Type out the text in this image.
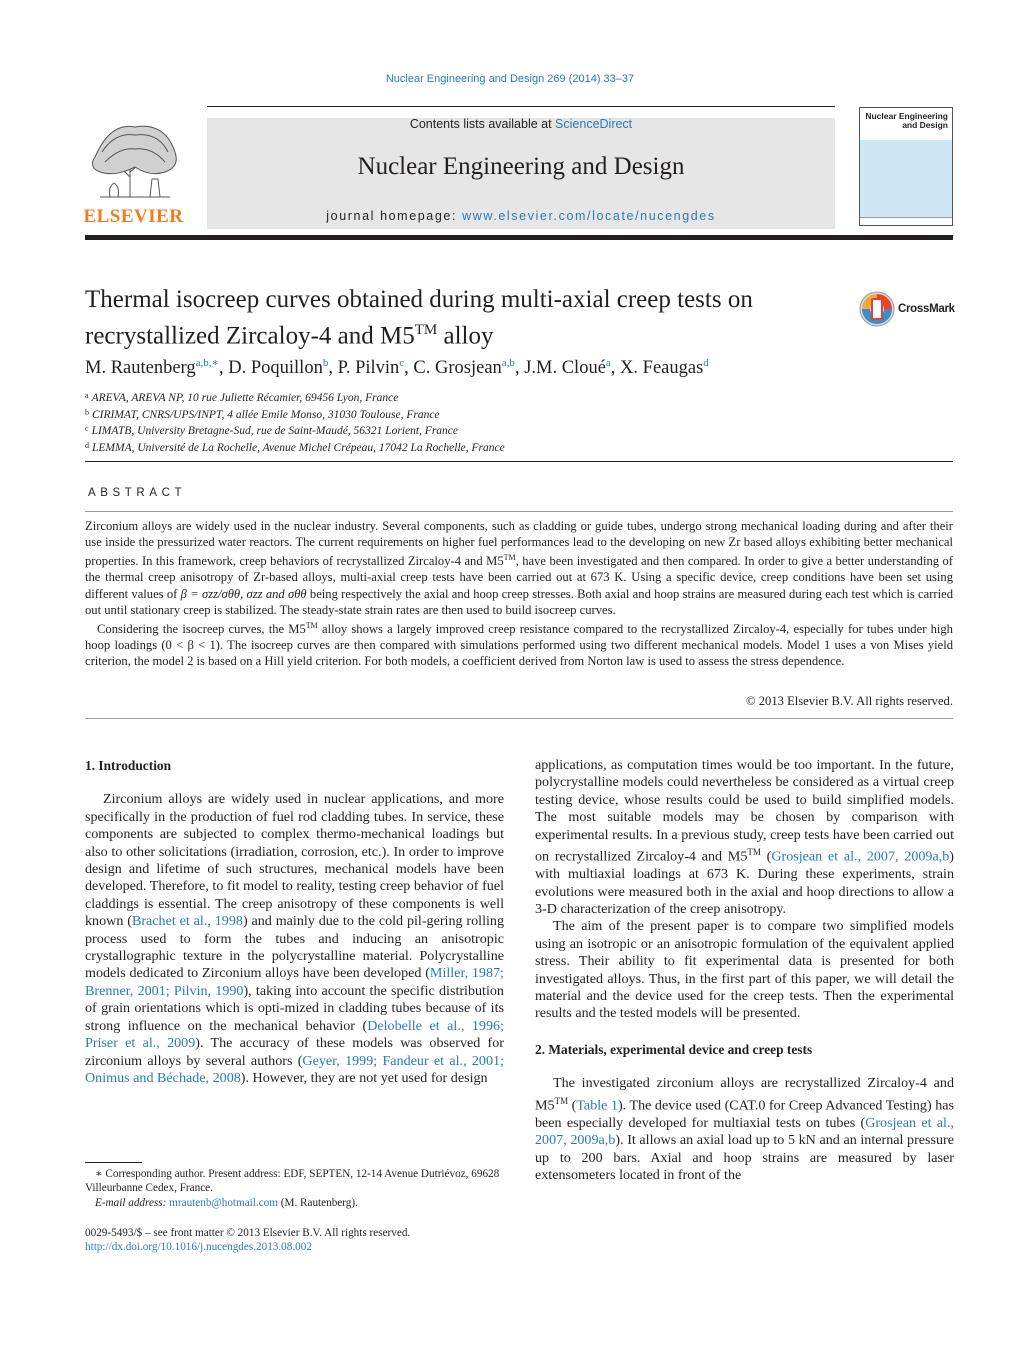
Nuclear Engineering and Design 269 (2014) 33–37
ELSEVIER
Contents lists available at ScienceDirect
Nuclear Engineering and Design
journal homepage: www.elsevier.com/locate/nucengdes
Nuclear Engineering
and Design
Thermal isocreep curves obtained during multi-axial creep tests on recrystallized Zircaloy-4 and M5™ alloy
CrossMark
M. Rautenberg$^{a,b,∗}$, D. Poquillon$^b$, P. Pilvin$^c$, C. Grosjean$^{a,b}$, J.M. Cloué$^a$, X. Feaugas$^d$
$^a$ AREVA, AREVA NP, 10 rue Juliette Récamier, 69456 Lyon, France
$^b$ CIRIMAT, CNRS/UPS/INPT, 4 allée Emile Monso, 31030 Toulouse, France
$^c$ LIMATB, University Bretagne-Sud, rue de Saint-Maudé, 56321 Lorient, France
$^d$ LEMMA, Université de La Rochelle, Avenue Michel Crépeau, 17042 La Rochelle, France
ABSTRACT

Zirconium alloys are widely used in the nuclear industry. Several components, such as cladding or guide tubes, undergo strong mechanical loading during and after their use inside the pressurized water reactors. The current requirements on higher fuel performances lead to the developing on new Zr based alloys exhibiting better mechanical properties. In this framework, creep behaviors of recrystallized Zircaloy-4 and M5™, have been investigated and then compared. In order to give a better understanding of the thermal creep anisotropy of Zr-based alloys, multi-axial creep tests have been carried out at 673 K. Using a specific device, creep conditions have been set using different values of β = σzz/σθθ, σzz and σθθ being respectively the axial and hoop creep stresses. Both axial and hoop strains are measured during each test which is carried out until stationary creep is stabilized. The steady-state strain rates are then used to build isocreep curves.

Considering the isocreep curves, the M5™ alloy shows a largely improved creep resistance compared to the recrystallized Zircaloy-4, especially for tubes under high hoop loadings (0 < β < 1). The isocreep curves are then compared with simulations performed using two different mechanical models. Model 1 uses a von Mises yield criterion, the model 2 is based on a Hill yield criterion. For both models, a coefficient derived from Norton law is used to assess the stress dependence.

© 2013 Elsevier B.V. All rights reserved.
1. Introduction

Zirconium alloys are widely used in nuclear applications, and more specifically in the production of fuel rod cladding tubes. In service, these components are subjected to complex thermo-mechanical loadings but also to other solicitations (irradiation, corrosion, etc.). In order to improve design and lifetime of such structures, mechanical models have been developed. Therefore, to fit model to reality, testing creep behavior of fuel claddings is essential. The creep anisotropy of these components is well known (Brachet et al., 1998) and mainly due to the cold pil-gering rolling process used to form the tubes and inducing an anisotropic crystallographic texture in the polycrystalline material. Polycrystalline models dedicated to Zirconium alloys have been developed (Miller, 1987; Brenner, 2001; Pilvin, 1990), taking into account the specific distribution of grain orientations which is opti-mized in cladding tubes because of its strong influence on the mechanical behavior (Delobelle et al., 1996; Priser et al., 2009). The accuracy of these models was observed for zirconium alloys by several authors (Geyer, 1999; Fandeur et al., 2001; Onimus and Béchade, 2008). However, they are not yet used for design

applications, as computation times would be too important. In the future, polycrystalline models could nevertheless be considered as a virtual creep testing device, whose results could be used to build simplified models. The most suitable models may be chosen by comparison with experimental results. In a previous study, creep tests have been carried out on recrystallized Zircaloy-4 and M5™ (Grosjean et al., 2007, 2009a,b) with multiaxial loadings at 673 K. During these experiments, strain evolutions were measured both in the axial and hoop directions to allow a 3-D characterization of the creep anisotropy.

The aim of the present paper is to compare two simplified models using an isotropic or an anisotropic formulation of the equivalent applied stress. Their ability to fit experimental data is presented for both investigated alloys. Thus, in the first part of this paper, we will detail the material and the device used for the creep tests. Then the experimental results and the tested models will be presented.

2. Materials, experimental device and creep tests

The investigated zirconium alloys are recrystallized Zircaloy-4 and M5™ (Table 1). The device used (CAT.0 for Creep Advanced Testing) has been especially developed for multiaxial tests on tubes (Grosjean et al., 2007, 2009a,b). It allows an axial load up to 5 kN and an internal pressure up to 200 bars. Axial and hoop strains are measured by laser extensometers located in front of the

∗ Corresponding author. Present address: EDF, SEPTEN, 12-14 Avenue Dutriévoz, 69628 Villeurbanne Cedex, France.

E-mail address: mrautenb@hotmail.com (M. Rautenberg).

0029-5493/$ – see front matter © 2013 Elsevier B.V. All rights reserved.
http://dx.doi.org/10.1016/j.nucengdes.2013.08.002
